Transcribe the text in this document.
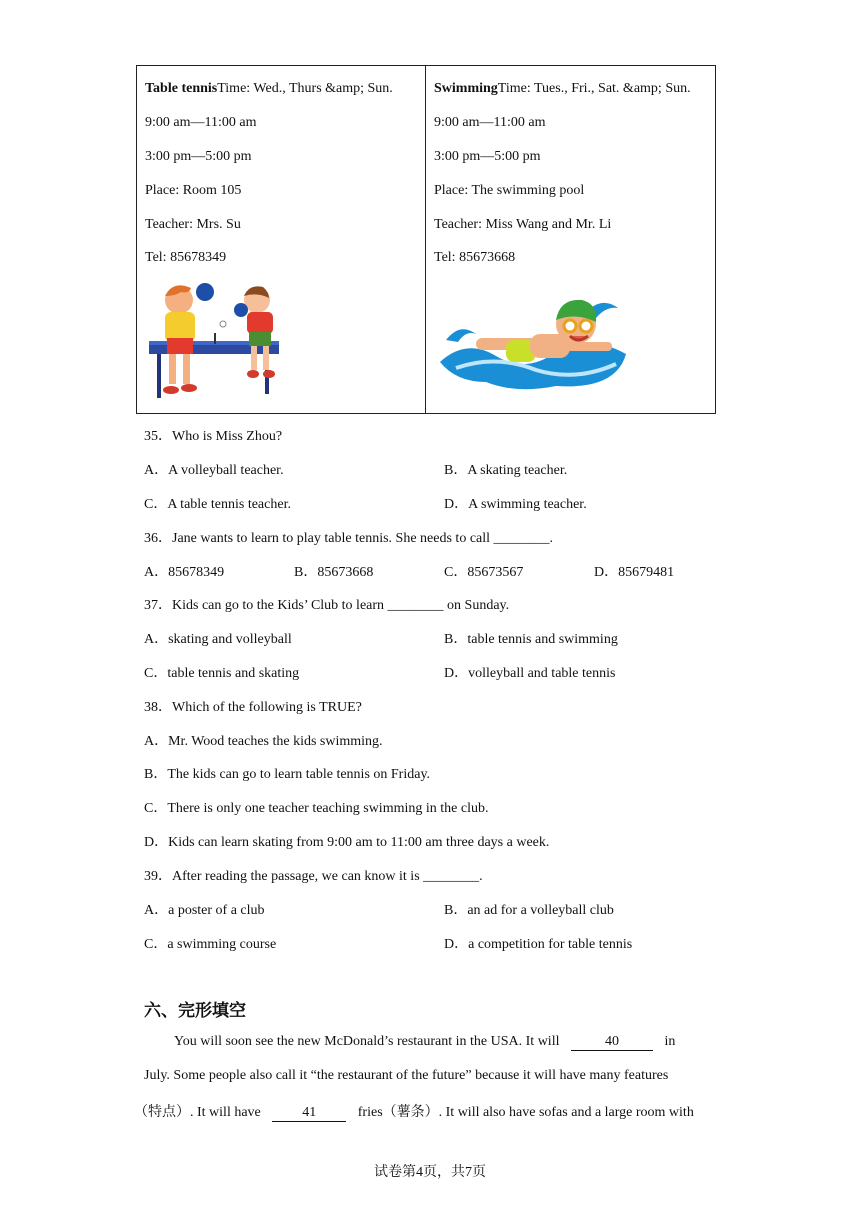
Table tennisTime: Wed., Thurs &amp; Sun.
9:00 am—11:00 am
3:00 pm—5:00 pm
Place: Room 105
Teacher: Mrs. Su
Tel: 85678349
SwimmingTime: Tues., Fri., Sat. &amp; Sun.
9:00 am—11:00 am
3:00 pm—5:00 pm
Place: The swimming pool
Teacher: Miss Wang and Mr. Li
Tel: 85673668
35．Who is Miss Zhou?
A．A volleyball teacher.	B．A skating teacher.
C．A table tennis teacher.	D．A swimming teacher.
36．Jane wants to learn to play table tennis. She needs to call ________.
A．85678349	B．85673668	C．85673567	D．85679481
37．Kids can go to the Kids’ Club to learn ________ on Sunday.
A．skating and volleyball	B．table tennis and swimming
C．table tennis and skating	D．volleyball and table tennis
38．Which of the following is TRUE?
A．Mr. Wood teaches the kids swimming.
B．The kids can go to learn table tennis on Friday.
C．There is only one teacher teaching swimming in the club.
D．Kids can learn skating from 9:00 am to 11:00 am three days a week.
39．After reading the passage, we can know it is ________.
A．a poster of a club	B．an ad for a volleyball club
C．a swimming course	D．a competition for table tennis
六、完形填空
You will soon see the new McDonald’s restaurant in the USA. It will	40	in
July. Some people also call it “the restaurant of the future” because it will have many features
（特点）. It will have	41	fries（薯条）. It will also have sofas and a large room with
试卷第4页，共7页
